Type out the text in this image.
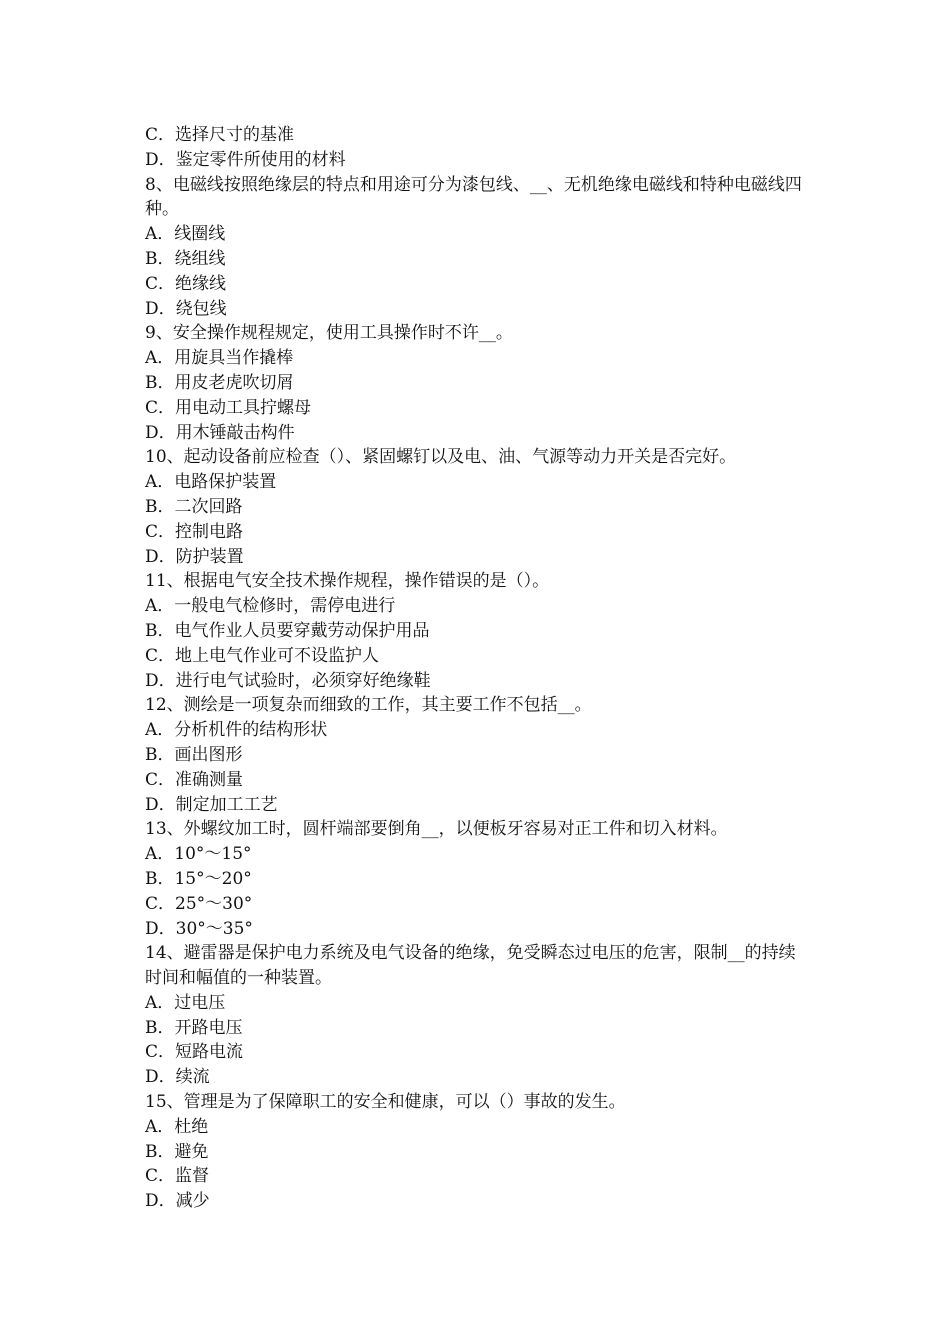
C．选择尺寸的基准

D．鉴定零件所使用的材料

8、电磁线按照绝缘层的特点和用途可分为漆包线、__、无机绝缘电磁线和特种电磁线四种。

A．线圈线

B．绕组线

C．绝缘线

D．绕包线

9、安全操作规程规定，使用工具操作时不许__。

A．用旋具当作撬棒

B．用皮老虎吹切屑

C．用电动工具拧螺母

D．用木锤敲击构件

10、起动设备前应检查（）、紧固螺钉以及电、油、气源等动力开关是否完好。

A．电路保护装置

B．二次回路

C．控制电路

D．防护装置

11、根据电气安全技术操作规程，操作错误的是（）。

A．一般电气检修时，需停电进行

B．电气作业人员要穿戴劳动保护用品

C．地上电气作业可不设监护人

D．进行电气试验时，必须穿好绝缘鞋

12、测绘是一项复杂而细致的工作，其主要工作不包括__。

A．分析机件的结构形状

B．画出图形

C．准确测量

D．制定加工工艺

13、外螺纹加工时，圆杆端部要倒角__，以便板牙容易对正工件和切入材料。

A．10°～15°

B．15°～20°

C．25°～30°

D．30°～35°

14、避雷器是保护电力系统及电气设备的绝缘，免受瞬态过电压的危害，限制__的持续时间和幅值的一种装置。

A．过电压

B．开路电压

C．短路电流

D．续流

15、管理是为了保障职工的安全和健康，可以（）事故的发生。

A．杜绝

B．避免

C．监督

D．减少
